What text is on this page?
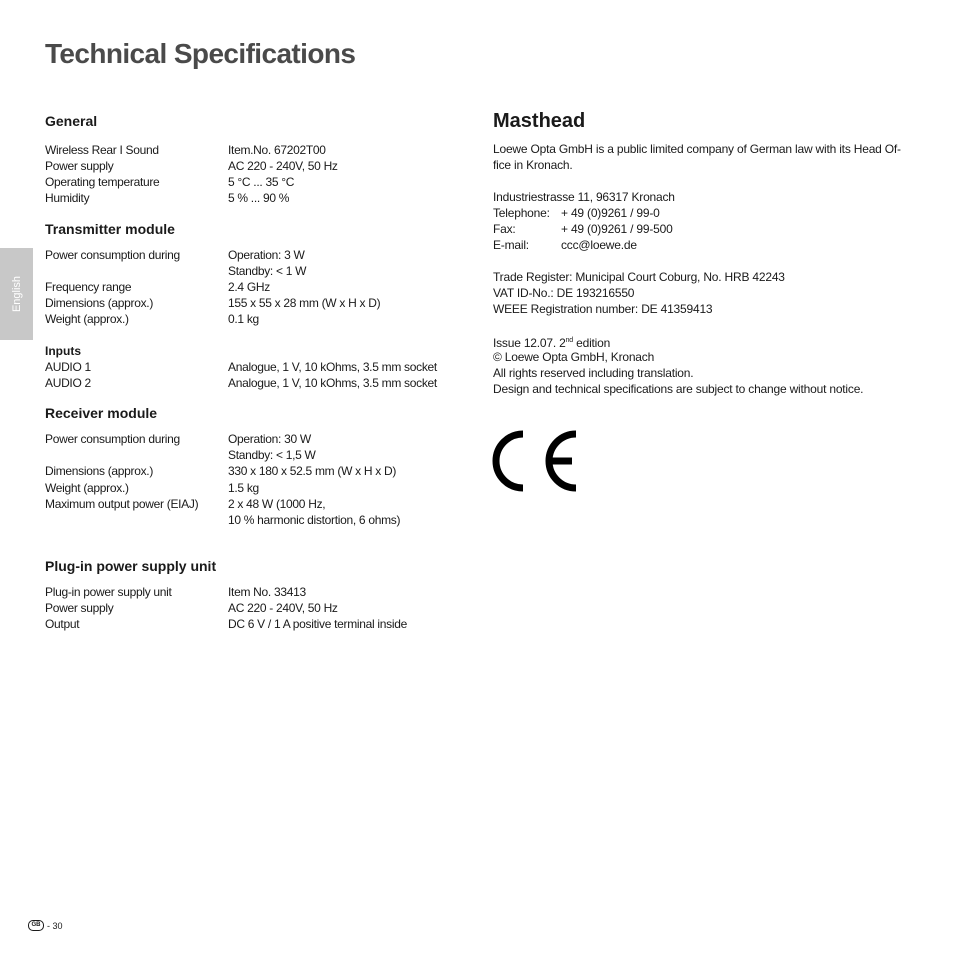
Technical Specifications
English
General
Wireless Rear I Sound	Item.No. 67202T00
Power supply	AC 220 - 240V, 50 Hz
Operating temperature	5 °C ... 35 °C
Humidity	5 % ... 90 %
Transmitter module
Power consumption during	Operation: 3 W
Standby: < 1 W
Frequency range	2.4 GHz
Dimensions (approx.)	155 x 55 x 28 mm (W x H x D)
Weight (approx.)	0.1 kg
Inputs
AUDIO 1	Analogue, 1 V, 10 kOhms, 3.5 mm socket
AUDIO 2	Analogue, 1 V, 10 kOhms, 3.5 mm socket
Receiver module
Power consumption during	Operation: 30 W
Standby: < 1,5 W
Dimensions (approx.)	330 x 180 x 52.5 mm (W x H x D)
Weight (approx.)	1.5 kg
Maximum output power (EIAJ) 2 x 48 W (1000 Hz,
10 % harmonic distortion, 6 ohms)
Plug-in power supply unit
Plug-in power supply unit	Item No. 33413
Power supply	AC 220 - 240V, 50 Hz
Output	DC 6 V / 1 A positive terminal inside
Masthead
Loewe Opta GmbH is a public limited company of German law with its Head Of-
fice in Kronach.
Industriestrasse 11, 96317 Kronach
Telephone: + 49 (0)9261 / 99-0
Fax:	+ 49 (0)9261 / 99-500
E-mail:	ccc@loewe.de
Trade Register: Municipal Court Coburg, No. HRB 42243
VAT ID-No.: DE 193216550
WEEE Registration number: DE 41359413
Issue 12.07. 2nd edition
© Loewe Opta GmbH, Kronach
All rights reserved including translation.
Design and technical specifications are subject to change without notice.
GB - 30
